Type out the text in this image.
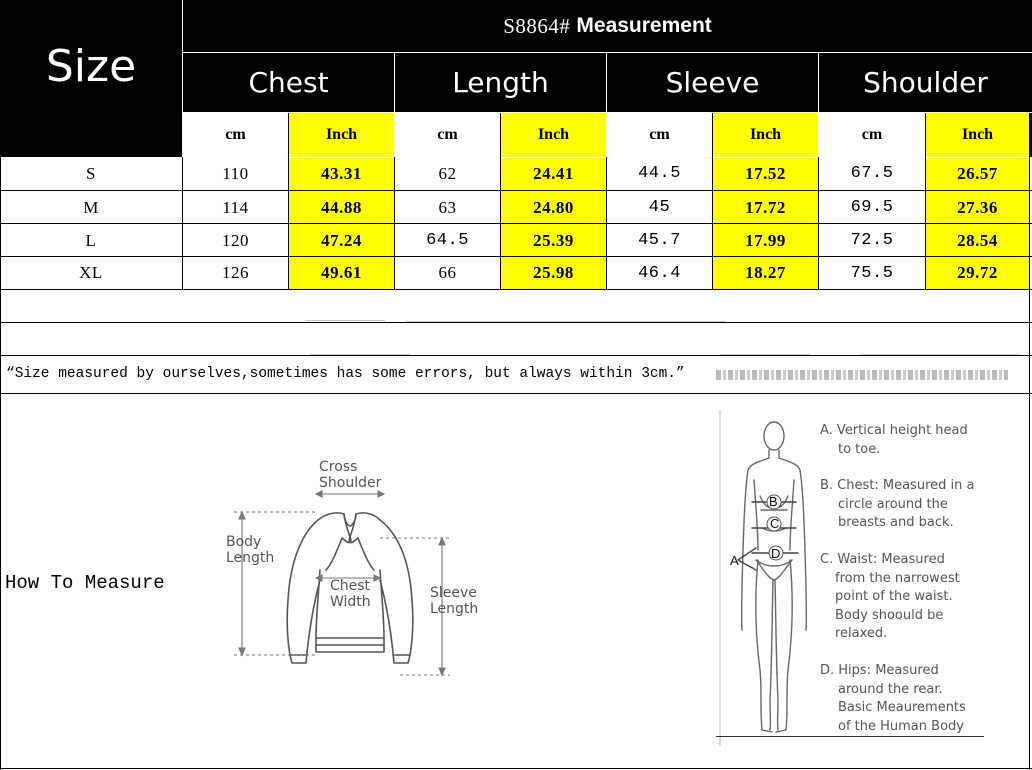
Size
S8864# Measurement
Chest	Length	Sleeve	Shoulder
cm	Inch	cm	Inch	cm	Inch	cm	Inch
S	110	43.31	62	24.41	44.5	17.52	67.5	26.57
M	114	44.88	63	24.80	45	17.72	69.5	27.36
L	120	47.24	64.5	25.39	45.7	17.99	72.5	28.54
XL	126	49.61	66	25.98	46.4	18.27	75.5	29.72
“Size measured by ourselves,sometimes has some errors, but always within 3cm.”
How To Measure
Cross
Shoulder
Body
Length
Chest
Width
Sleeve
Length
B
C
D
A
A. Vertical height head
to toe.
B. Chest: Measured in a
circle around the
breasts and back.
C. Waist: Measured
from the narrowest
point of the waist.
Body shoould be
relaxed.
D. Hips: Measured
around the rear.
Basic Meaurements
of the Human Body
